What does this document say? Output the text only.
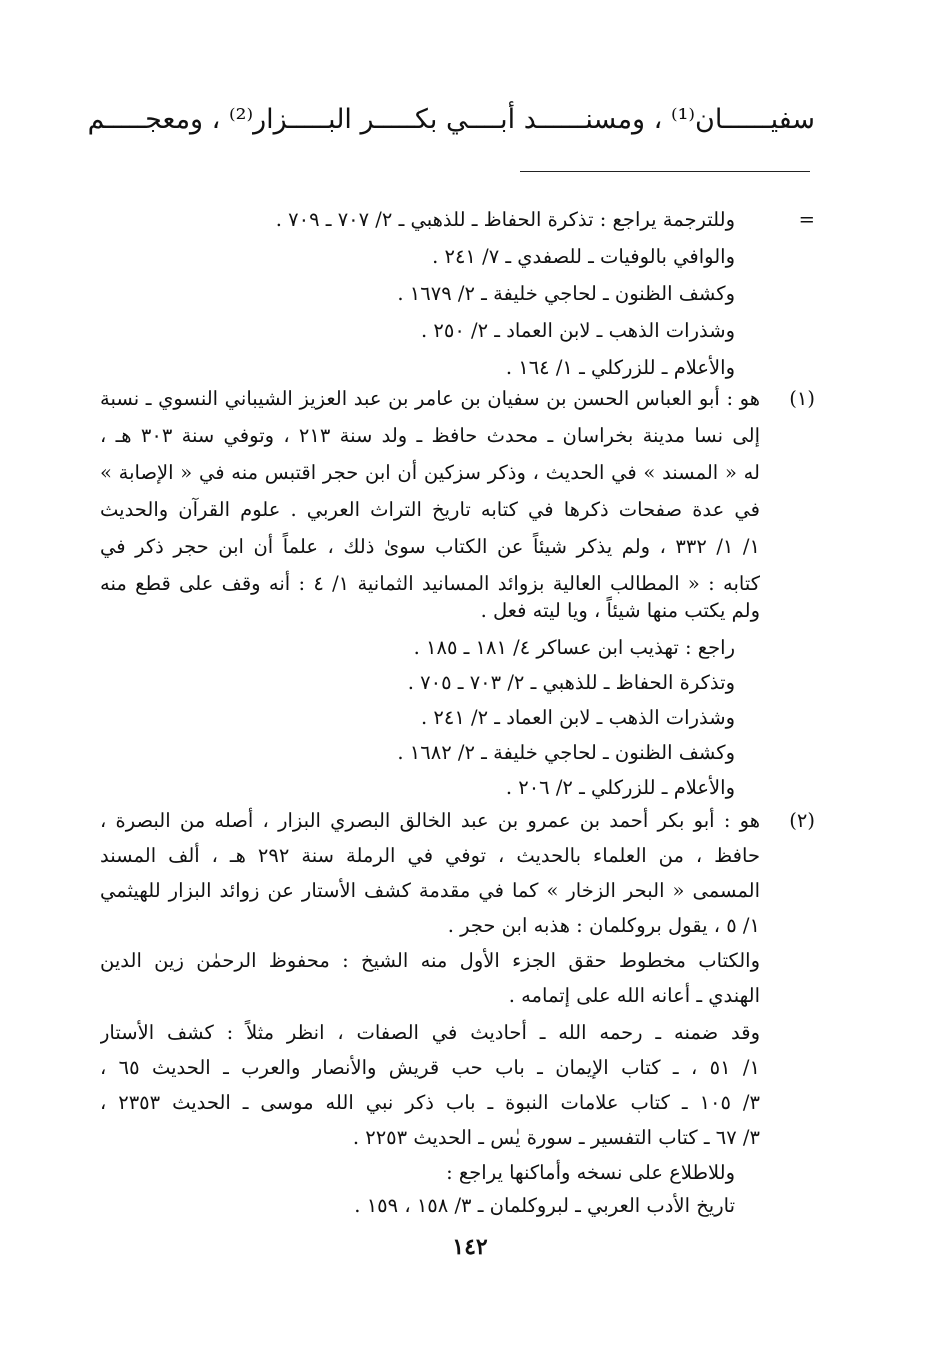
سفيــــــان⁽¹⁾ ، ومسنــــــد أبــــي بكـــــر البـــــزار⁽²⁾ ، ومعجـــــم
=
وللترجمة يراجع : تذكرة الحفاظ ـ للذهبي ـ ٢/ ٧٠٧ ـ ٧٠٩ .
والوافي بالوفيات ـ للصفدي ـ ٧/ ٢٤١ .
وكشف الظنون ـ لحاجي خليفة ـ ٢/ ١٦٧٩ .
وشذرات الذهب ـ لابن العماد ـ ٢/ ٢٥٠ .
والأعلام ـ للزركلي ـ ١/ ١٦٤ .
(١)
هو : أبو العباس الحسن بن سفيان بن عامر بن عبد العزيز الشيباني النسوي ـ نسبة
إلى نسا مدينة بخراسان ـ محدث حافظ ـ ولد سنة ٢١٣ ، وتوفي سنة ٣٠٣ هـ ،
له « المسند » في الحديث ، وذكر سزكين أن ابن حجر اقتبس منه في « الإصابة »
في عدة صفحات ذكرها في كتابه تاريخ التراث العربي . علوم القرآن والحديث
١/ ١/ ٣٣٢ ، ولم يذكر شيئاً عن الكتاب سوىٰ ذلك ، علماً أن ابن حجر ذكر في
كتابه : « المطالب العالية بزوائد المسانيد الثمانية ١/ ٤ : أنه وقف على قطع منه
ولم يكتب منها شيئاً ، ويا ليته فعل .
راجع : تهذيب ابن عساكر ٤/ ١٨١ ـ ١٨٥ .
وتذكرة الحفاظ ـ للذهبي ـ ٢/ ٧٠٣ ـ ٧٠٥ .
وشذرات الذهب ـ لابن العماد ـ ٢/ ٢٤١ .
وكشف الظنون ـ لحاجي خليفة ـ ٢/ ١٦٨٢ .
والأعلام ـ للزركلي ـ ٢/ ٢٠٦ .
(٢)
هو : أبو بكر أحمد بن عمرو بن عبد الخالق البصري البزار ، أصله من البصرة ،
حافظ ، من العلماء بالحديث ، توفي في الرملة سنة ٢٩٢ هـ ، ألف المسند
المسمى « البحر الزخار » كما في مقدمة كشف الأستار عن زوائد البزار للهيثمي
١/ ٥ ، يقول بروكلمان : هذبه ابن حجر .
والكتاب مخطوط حقق الجزء الأول منه الشيخ : محفوظ الرحمٰن زين الدين
الهندي ـ أعانه الله على إتمامه .
وقد ضمنه ـ رحمه الله ـ أحاديث في الصفات ، انظر مثلاً : كشف الأستار
١/ ٥١ ، ـ كتاب الإيمان ـ باب حب قريش والأنصار والعرب ـ الحديث ٦٥ ،
٣/ ١٠٥ ـ كتاب علامات النبوة ـ باب ذكر نبي الله موسى ـ الحديث ٢٣٥٣ ،
٣/ ٦٧ ـ كتاب التفسير ـ سورة يٰس ـ الحديث ٢٢٥٣ .
وللاطلاع على نسخه وأماكنها يراجع :
تاريخ الأدب العربي ـ لبروكلمان ـ ٣/ ١٥٨ ، ١٥٩ .
١٤٢
